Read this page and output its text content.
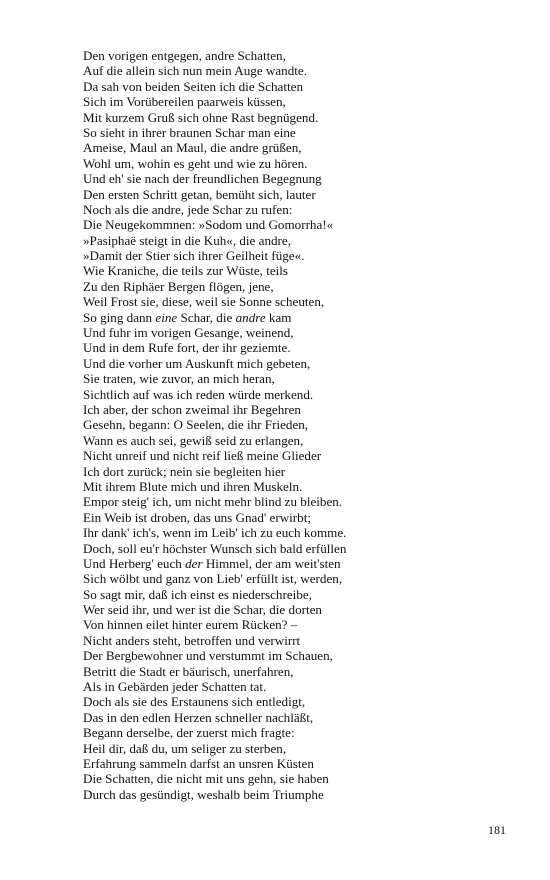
Den vorigen entgegen, andre Schatten,
Auf die allein sich nun mein Auge wandte.
Da sah von beiden Seiten ich die Schatten
Sich im Vorübereilen paarweis küssen,
Mit kurzem Gruß sich ohne Rast begnügend.
So sieht in ihrer braunen Schar man eine
Ameise, Maul an Maul, die andre grüßen,
Wohl um, wohin es geht und wie zu hören.
Und eh' sie nach der freundlichen Begegnung
Den ersten Schritt getan, bemüht sich, lauter
Noch als die andre, jede Schar zu rufen:
Die Neugekommnen: »Sodom und Gomorrha!«
»Pasiphaë steigt in die Kuh«, die andre,
»Damit der Stier sich ihrer Geilheit füge«.
Wie Kraniche, die teils zur Wüste, teils
Zu den Riphäer Bergen flögen, jene,
Weil Frost sie, diese, weil sie Sonne scheuten,
So ging dann eine Schar, die andre kam
Und fuhr im vorigen Gesange, weinend,
Und in dem Rufe fort, der ihr geziemte.
Und die vorher um Auskunft mich gebeten,
Sie traten, wie zuvor, an mich heran,
Sichtlich auf was ich reden würde merkend.
Ich aber, der schon zweimal ihr Begehren
Gesehn, begann: O Seelen, die ihr Frieden,
Wann es auch sei, gewiß seid zu erlangen,
Nicht unreif und nicht reif ließ meine Glieder
Ich dort zurück; nein sie begleiten hier
Mit ihrem Blute mich und ihren Muskeln.
Empor steig' ich, um nicht mehr blind zu bleiben.
Ein Weib ist droben, das uns Gnad' erwirbt;
Ihr dank' ich's, wenn im Leib' ich zu euch komme.
Doch, soll eu'r höchster Wunsch sich bald erfüllen
Und Herberg' euch der Himmel, der am weit'sten
Sich wölbt und ganz von Lieb' erfüllt ist, werden,
So sagt mir, daß ich einst es niederschreibe,
Wer seid ihr, und wer ist die Schar, die dorten
Von hinnen eilet hinter eurem Rücken? –
Nicht anders steht, betroffen und verwirrt
Der Bergbewohner und verstummt im Schauen,
Betritt die Stadt er bäurisch, unerfahren,
Als in Gebärden jeder Schatten tat.
Doch als sie des Erstaunens sich entledigt,
Das in den edlen Herzen schneller nachläßt,
Begann derselbe, der zuerst mich fragte:
Heil dir, daß du, um seliger zu sterben,
Erfahrung sammeln darfst an unsren Küsten
Die Schatten, die nicht mit uns gehn, sie haben
Durch das gesündigt, weshalb beim Triumphe
181
